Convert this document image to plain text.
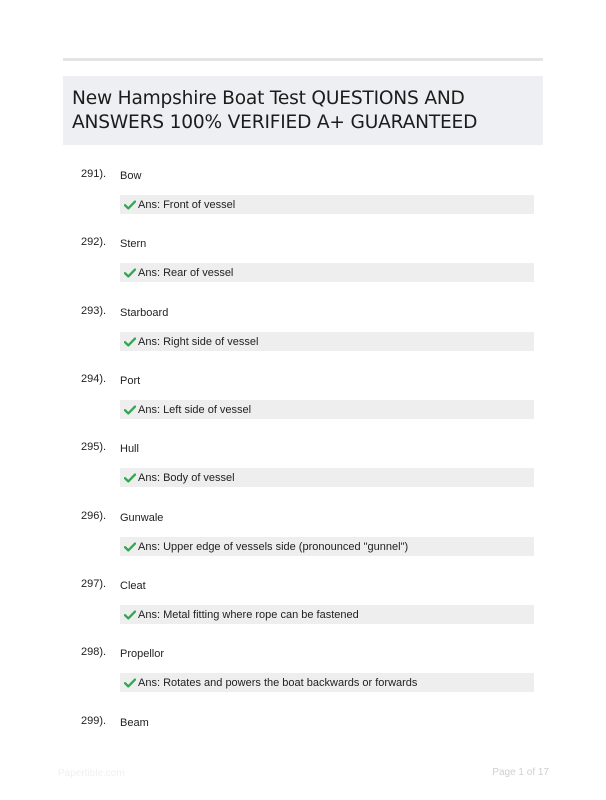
New Hampshire Boat Test QUESTIONS AND ANSWERS 100% VERIFIED A+ GUARANTEED
291). Bow
Ans: Front of vessel
292). Stern
Ans: Rear of vessel
293). Starboard
Ans: Right side of vessel
294). Port
Ans: Left side of vessel
295). Hull
Ans: Body of vessel
296). Gunwale
Ans: Upper edge of vessels side (pronounced "gunnel")
297). Cleat
Ans: Metal fitting where rope can be fastened
298). Propellor
Ans: Rotates and powers the boat backwards or forwards
299). Beam
Papertible.com	Page 1 of 17
